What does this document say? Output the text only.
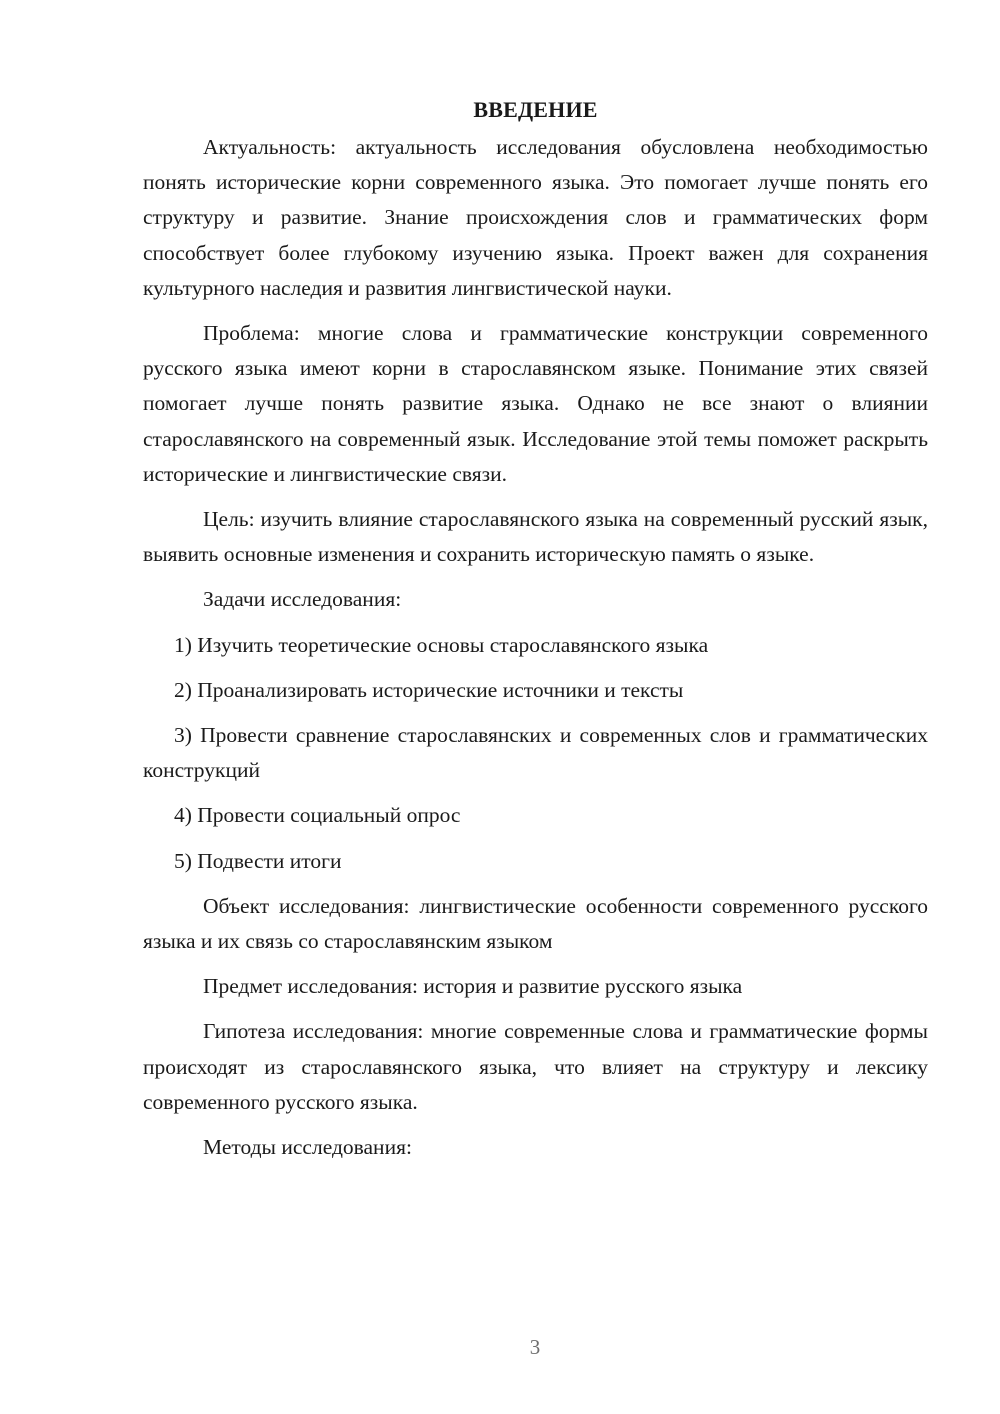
ВВЕДЕНИЕ

Актуальность: актуальность исследования обусловлена необходимостью понять исторические корни современного языка. Это помогает лучше понять его структуру и развитие. Знание происхождения слов и грамматических форм способствует более глубокому изучению языка. Проект важен для сохранения культурного наследия и развития лингвистической науки.

Проблема: многие слова и грамматические конструкции современного русского языка имеют корни в старославянском языке. Понимание этих связей помогает лучше понять развитие языка. Однако не все знают о влиянии старославянского на современный язык. Исследование этой темы поможет раскрыть исторические и лингвистические связи.

Цель: изучить влияние старославянского языка на современный русский язык, выявить основные изменения и сохранить историческую память о языке.

Задачи исследования:

1) Изучить теоретические основы старославянского языка

2) Проанализировать исторические источники и тексты

3) Провести сравнение старославянских и современных слов и грамматических конструкций

4) Провести социальный опрос

5) Подвести итоги

Объект исследования: лингвистические особенности современного русского языка и их связь со старославянским языком

Предмет исследования: история и развитие русского языка

Гипотеза исследования: многие современные слова и грамматические формы происходят из старославянского языка, что влияет на структуру и лексику современного русского языка.

Методы исследования:

3
